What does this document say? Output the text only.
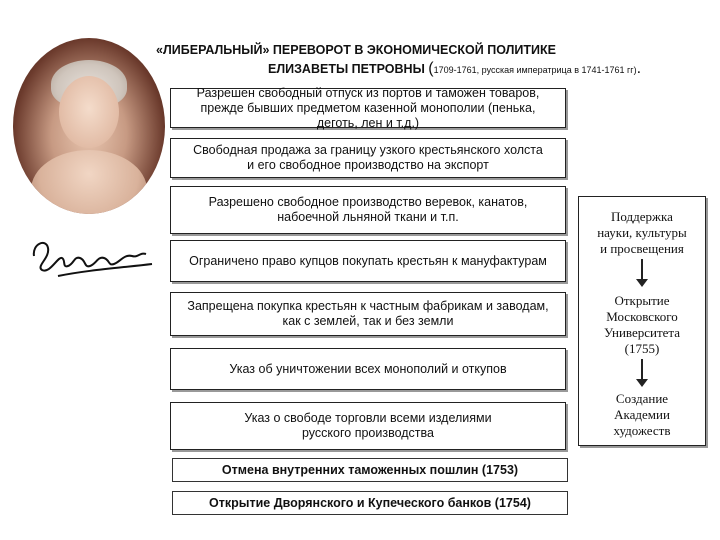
«ЛИБЕРАЛЬНЫЙ» ПЕРЕВОРОТ В ЭКОНОМИЧЕСКОЙ ПОЛИТИКЕ
ЕЛИЗАВЕТЫ ПЕТРОВНЫ (1709-1761, русская императрица в 1741-1761 гг).
Разрешен свободный отпуск из портов и таможен товаров,
прежде бывших предметом казенной монополии (пенька,
деготь, лен и т.д.)
Свободная продажа за границу узкого крестьянского холста
и его свободное производство на экспорт
Разрешено свободное производство веревок, канатов,
набоечной льняной ткани и т.п.
Ограничено право купцов покупать крестьян к мануфактурам
Запрещена покупка крестьян к частным фабрикам и заводам,
как с землей, так и без земли
Указ об уничтожении всех монополий и откупов
Указ о свободе торговли всеми изделиями
русского производства
Отмена внутренних таможенных пошлин (1753)
Открытие Дворянского и Купеческого банков (1754)
Поддержка
науки, культуры
и просвещения
Открытие
Московского
Университета
(1755)
Создание
Академии
художеств
